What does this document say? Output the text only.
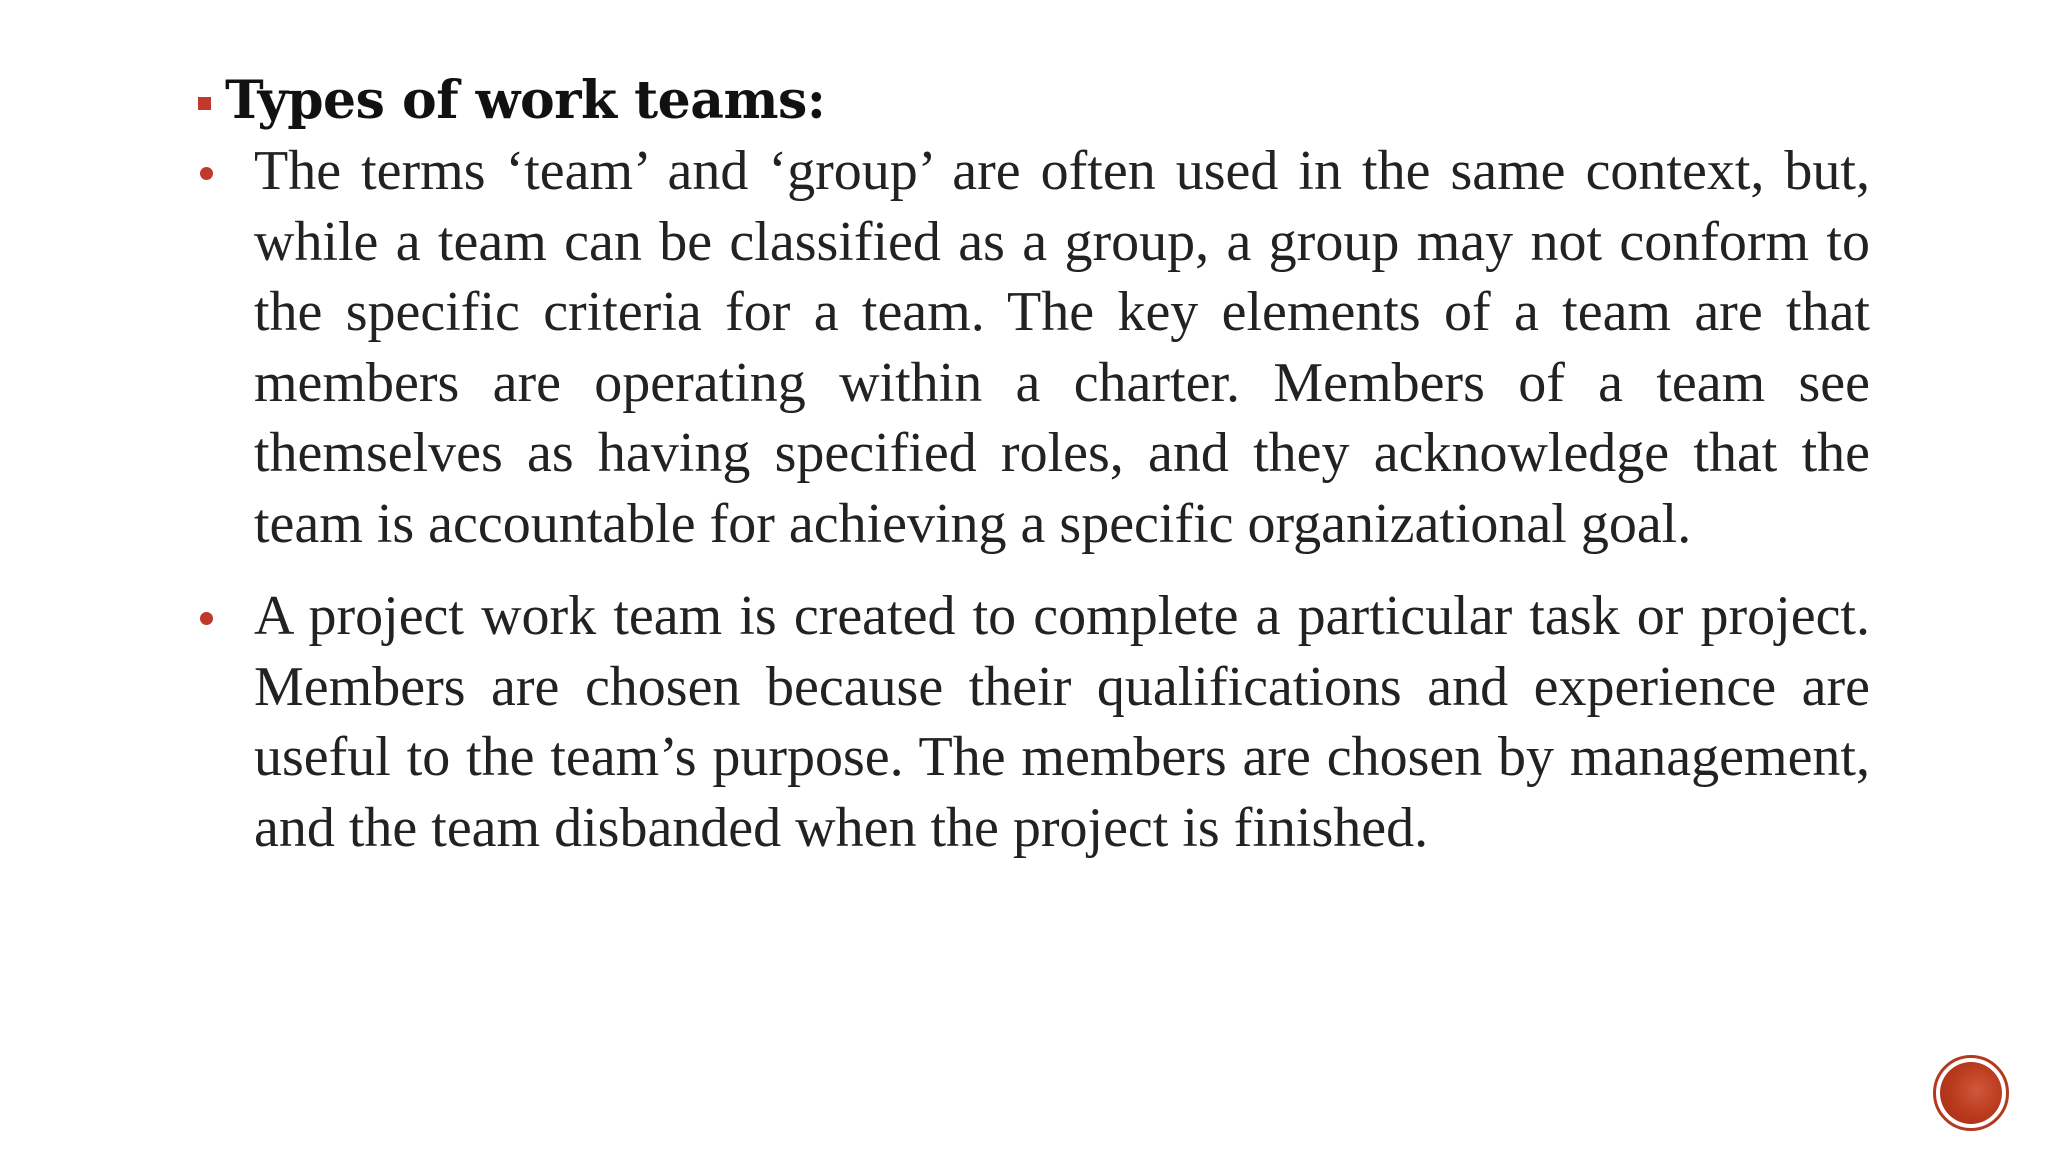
Types of work teams:
The terms ‘team’ and ‘group’ are often used in the same context, but, while a team can be classified as a group, a group may not conform to the specific criteria for a team. The key elements of a team are that members are operating within a charter. Members of a team see themselves as having specified roles, and they acknowledge that the team is accountable for achieving a specific organizational goal.
A project work team is created to complete a particular task or project. Members are chosen because their qualifications and experience are useful to the team’s purpose. The members are chosen by management, and the team disbanded when the project is finished.
